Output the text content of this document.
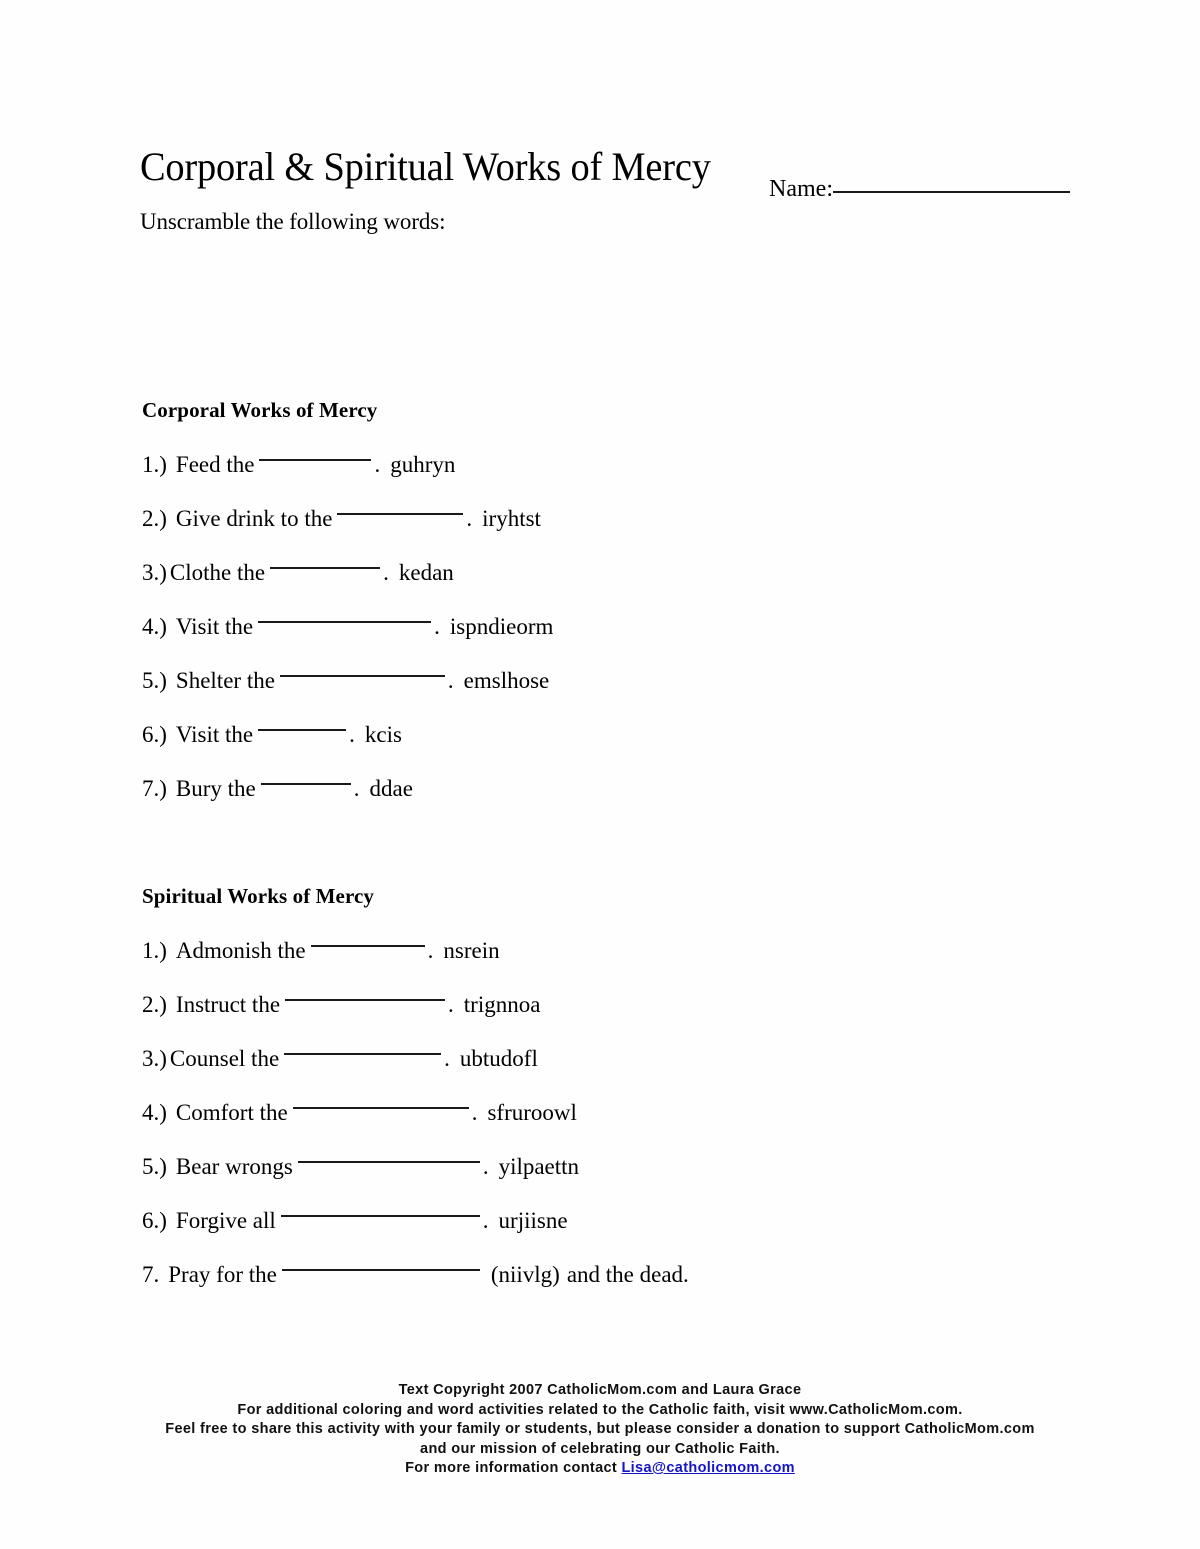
Corporal & Spiritual Works of Mercy Name:
Unscramble the following words:
Corporal Works of Mercy
1.) Feed the	. guhryn
2.) Give drink to the	. iryhtst
3.) Clothe the	. kedan
4.) Visit the	. ispndieorm
5.) Shelter the	. emslhose
6.) Visit the	. kcis
7.) Bury the	. ddae
Spiritual Works of Mercy
1.) Admonish the	. nsrein
2.) Instruct the	. trignnoa
3.) Counsel the	. ubtudofl
4.) Comfort the	. sfruroowl
5.) Bear wrongs	. yilpaettn
6.) Forgive all	. urjiisne
7. Pray for the	(niivlg) and the dead.
Text Copyright 2007 CatholicMom.com and Laura Grace
For additional coloring and word activities related to the Catholic faith, visit www.CatholicMom.com.
Feel free to share this activity with your family or students, but please consider a donation to support CatholicMom.com
and our mission of celebrating our Catholic Faith.
For more information contact Lisa@catholicmom.com
